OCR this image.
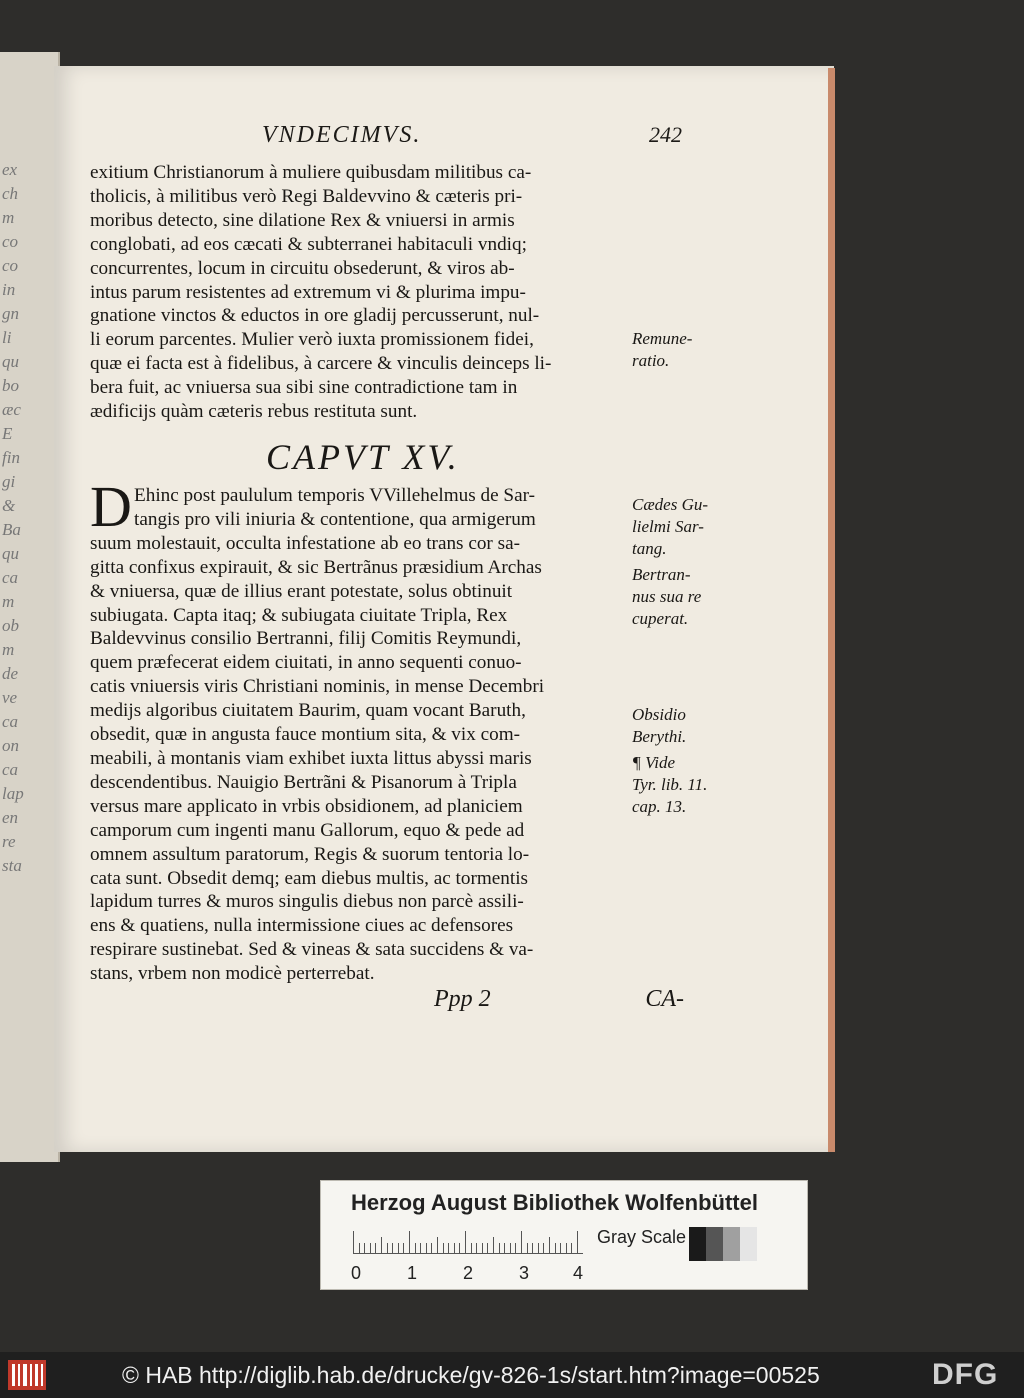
ex
ch
m
co
co
in
gn
li
qu
bo
æc
E
fin
gi
&
Ba
qu
ca
m
ob
m
de
ve
ca
on
ca
lap
en
re
sta
VNDECIMVS.	242
exitium Christianorum à muliere quibusdam militibus ca-
tholicis, à militibus verò Regi Baldevvino & cæteris pri-
moribus detecto, sine dilatione Rex & vniuersi in armis
conglobati, ad eos cæcati & subterranei habitaculi vndiq;
concurrentes, locum in circuitu obsederunt, & viros ab-
intus parum resistentes ad extremum vi & plurima impu-
gnatione vinctos & eductos in ore gladij percusserunt, nul-
li eorum parcentes. Mulier verò iuxta promissionem fidei,
quæ ei facta est à fidelibus, à carcere & vinculis deinceps li-
bera fuit, ac vniuersa sua sibi sine contradictione tam in
ædificijs quàm cæteris rebus restituta sunt.
CAPVT XV.
D Ehinc post paululum temporis VVillehelmus de Sar-
tangis pro vili iniuria & contentione, qua armigerum
suum molestauit, occulta infestatione ab eo trans cor sa-
gitta confixus expirauit, & sic Bertrãnus præsidium Archas
& vniuersa, quæ de illius erant potestate, solus obtinuit
subiugata. Capta itaq; & subiugata ciuitate Tripla, Rex
Baldevvinus consilio Bertranni, filij Comitis Reymundi,
quem præfecerat eidem ciuitati, in anno sequenti conuo-
catis vniuersis viris Christiani nominis, in mense Decembri
medijs algoribus ciuitatem Baurim, quam vocant Baruth,
obsedit, quæ in angusta fauce montium sita, & vix com-
meabili, à montanis viam exhibet iuxta littus abyssi maris
descendentibus. Nauigio Bertrãni & Pisanorum à Tripla
versus mare applicato in vrbis obsidionem, ad planiciem
camporum cum ingenti manu Gallorum, equo & pede ad
omnem assultum paratorum, Regis & suorum tentoria lo-
cata sunt. Obsedit demq; eam diebus multis, ac tormentis
lapidum turres & muros singulis diebus non parcè assili-
ens & quatiens, nulla intermissione ciues ac defensores
respirare sustinebat. Sed & vineas & sata succidens & va-
stans, vrbem non modicè perterrebat.
Remune-
ratio.
Cædes Gu-
lielmi Sar-
tang.
Bertran-
nus sua re
cuperat.
Obsidio
Berythi.
¶ Vide
Tyr. lib. 11.
cap. 13.
Ppp 2	CA-
Herzog August Bibliothek Wolfenbüttel
0	1	2	3 4
Gray Scale
© HAB http://diglib.hab.de/drucke/gv-826-1s/start.htm?image=00525	DFG
